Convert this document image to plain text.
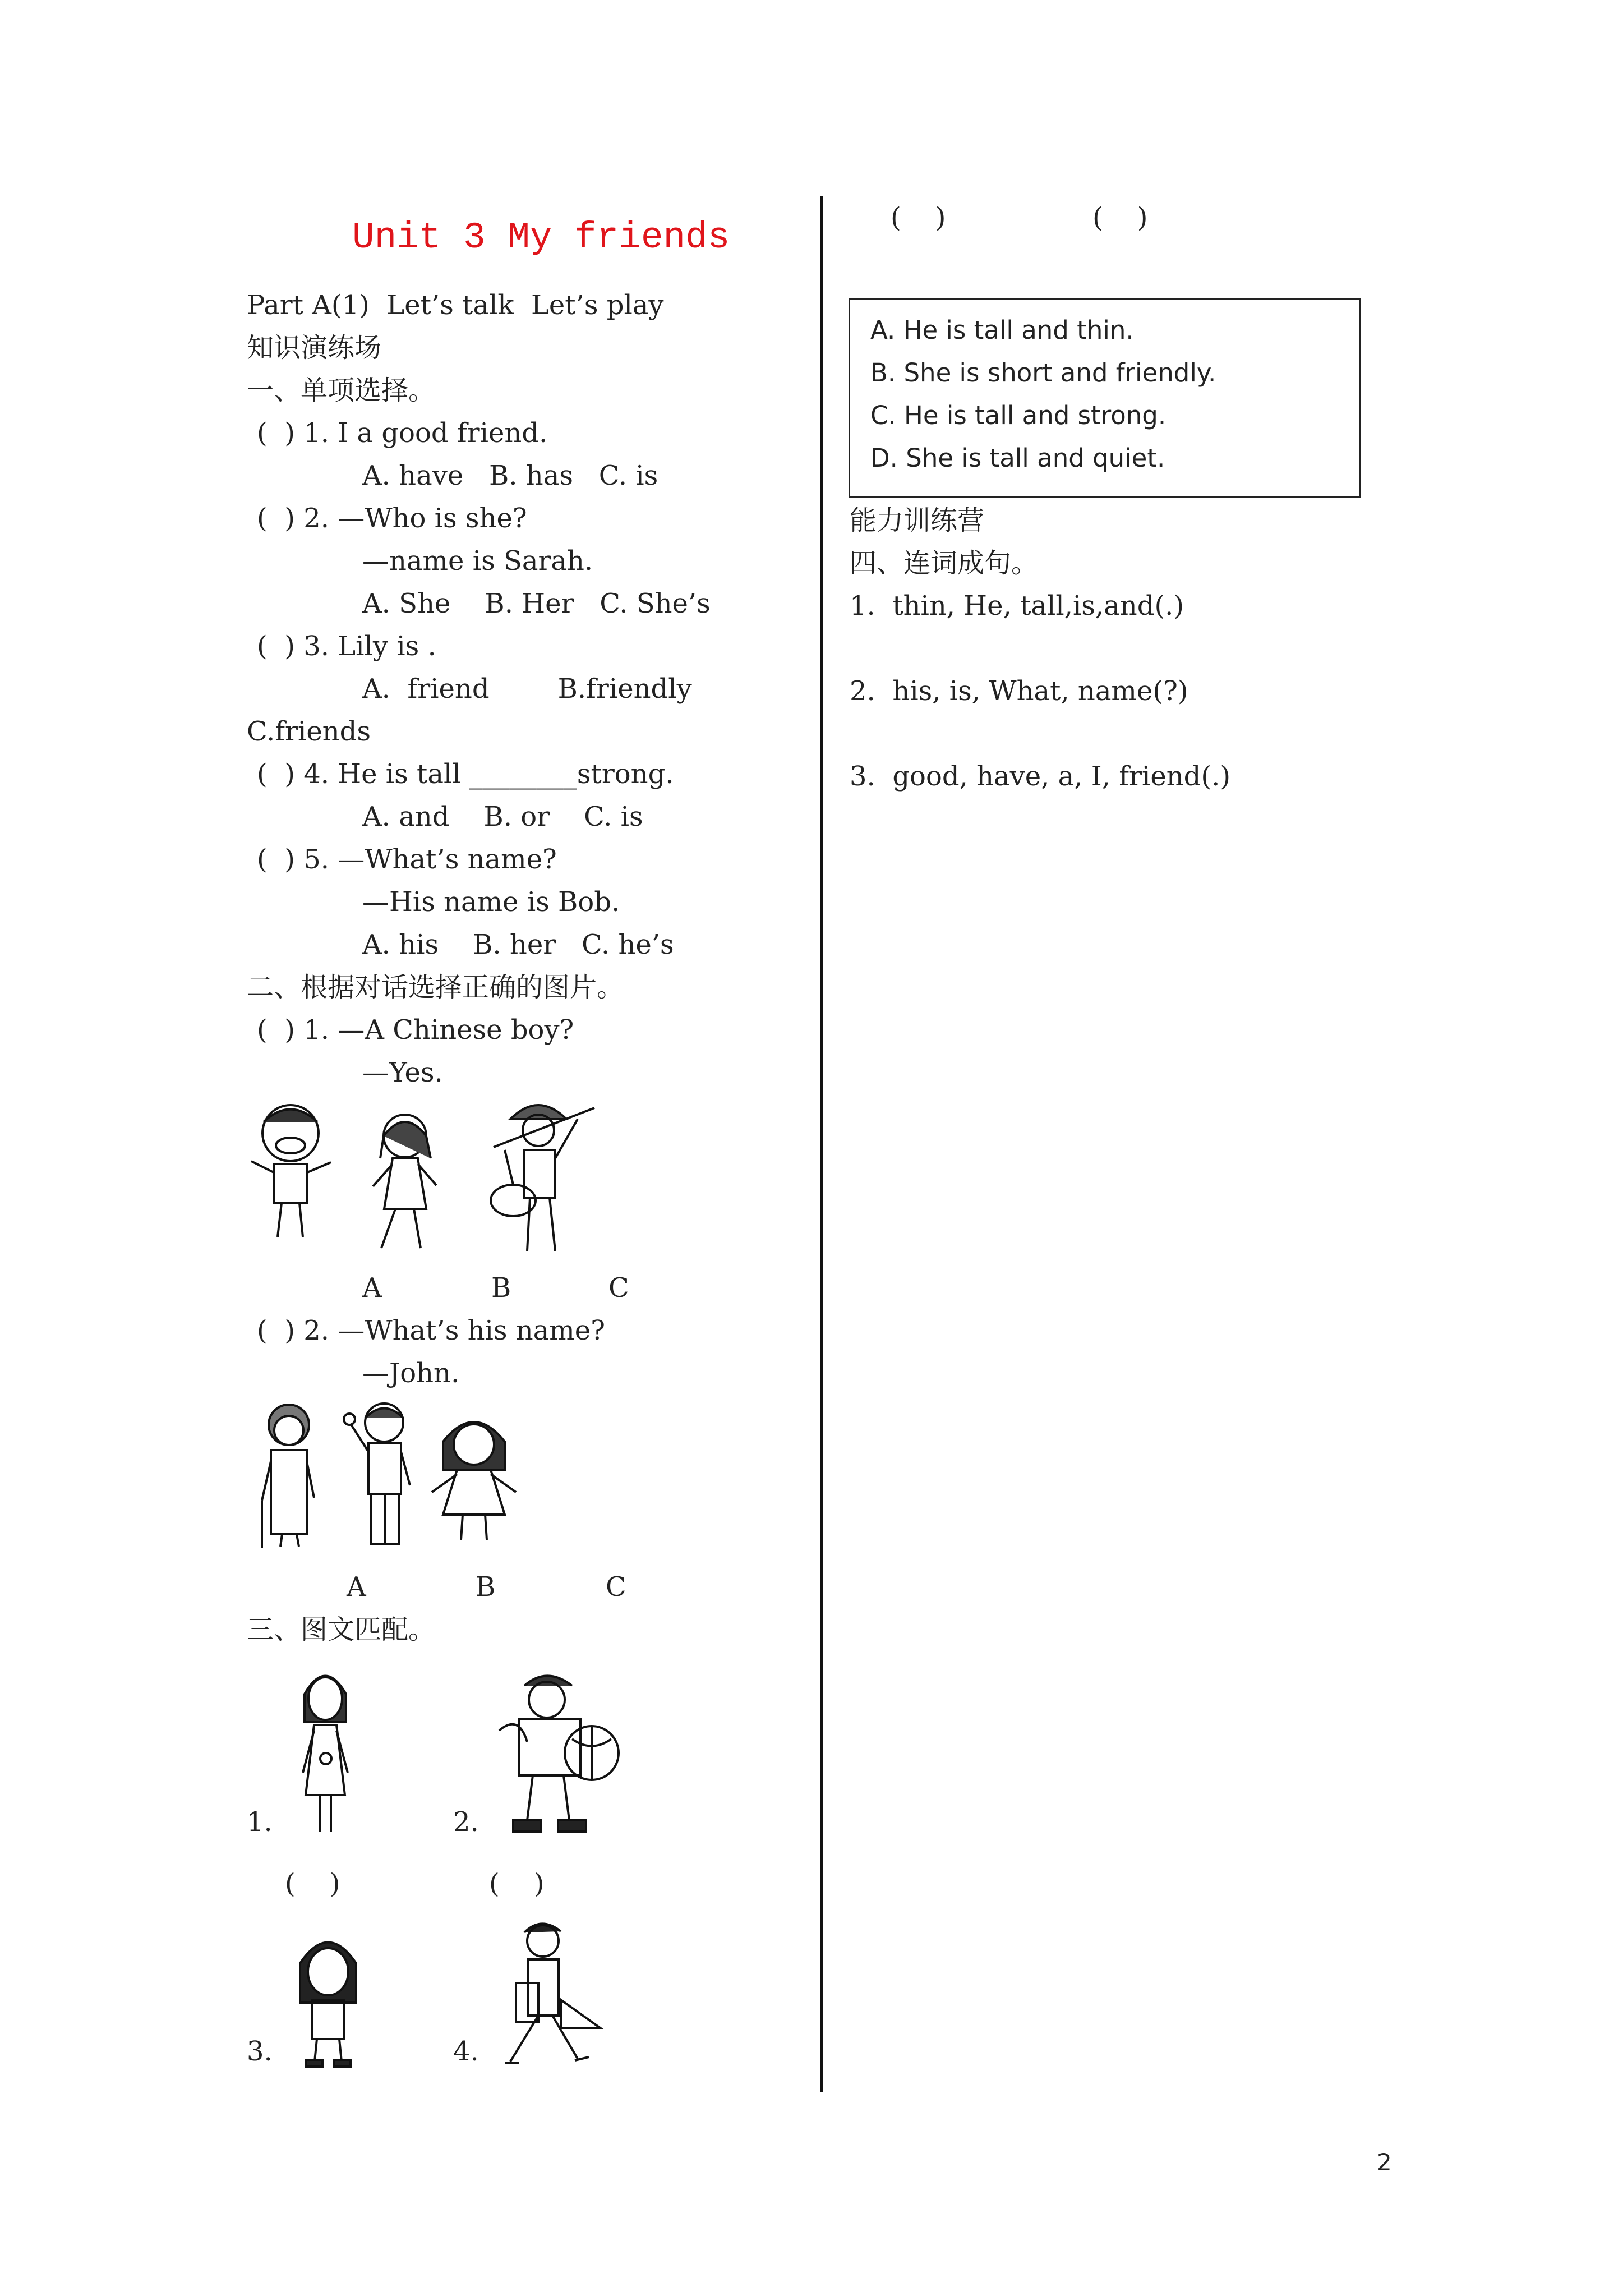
Unit 3 My friends
Part A(1)  Let’s talk  Let’s play
知识演练场
一、单项选择。
(  ) 1. I a good friend.
A. have   B. has   C. is
(  ) 2. —Who is she?
—name is Sarah.
A. She    B. Her   C. She’s
(  ) 3. Lily is .
A.  friend        B.friendly
C.friends
(  ) 4. He is tall ________strong.
A. and    B. or    C. is
(  ) 5. —What’s name?
—His name is Bob.
A. his    B. her   C. he’s
二、根据对话选择正确的图片。
(  ) 1. —A Chinese boy?
—Yes.
A	B	C
(  ) 2. —What’s his name?
—John.
A	B	C
三、图文匹配。
1.	2.
(    )	(    )
3.	4.
(    )	(    )
A. He is tall and thin.
B. She is short and friendly.
C. He is tall and strong.
D. She is tall and quiet.
能力训练营
四、连词成句。
1.  thin, He, tall,is,and(.)
2.  his, is, What, name(?)
3.  good, have, a, I, friend(.)
2
